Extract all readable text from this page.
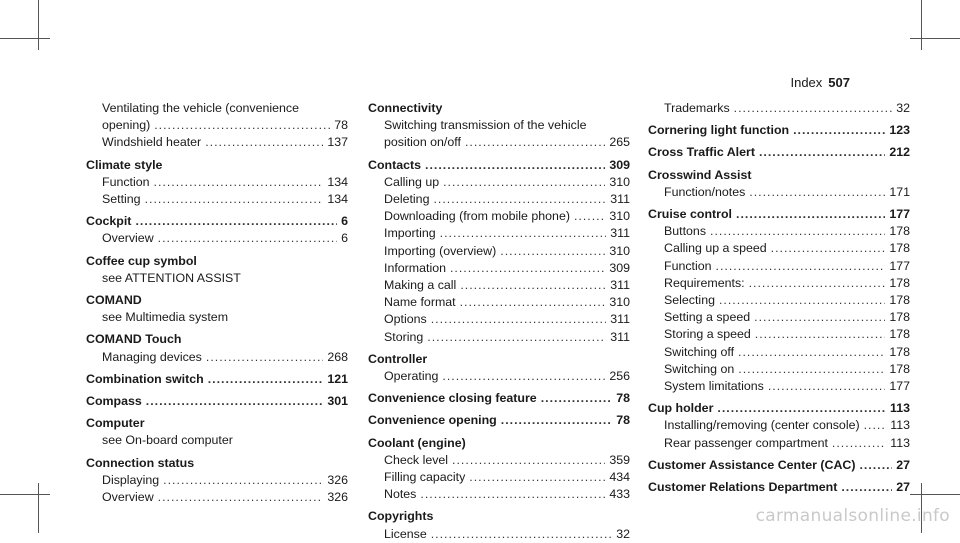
Index 507
Ventilating the vehicle (convenience
opening) .....	78
Windshield heater .....	137
Climate style
Function .....	134
Setting .....	134
Cockpit .....	6
Overview .....	6
Coffee cup symbol
see ATTENTION ASSIST
COMAND
see Multimedia system
COMAND Touch
Managing devices .....	268
Combination switch .....	121
Compass .....	301
Computer
see On-board computer
Connection status
Displaying .....	326
Overview .....	326
Connectivity
Switching transmission of the vehicle
position on/off .....	265
Contacts .....	309
Calling up .....	310
Deleting .....	311
Downloading (from mobile phone) .....	310
Importing .....	311
Importing (overview) .....	310
Information .....	309
Making a call .....	311
Name format .....	310
Options .....	311
Storing .....	311
Controller
Operating .....	256
Convenience closing feature .....	78
Convenience opening .....	78
Coolant (engine)
Check level .....	359
Filling capacity .....	434
Notes .....	433
Copyrights
License .....	32
Trademarks .....	32
Cornering light function .....	123
Cross Traffic Alert .....	212
Crosswind Assist
Function/notes .....	171
Cruise control .....	177
Buttons .....	178
Calling up a speed .....	178
Function .....	177
Requirements: .....	178
Selecting .....	178
Setting a speed .....	178
Storing a speed .....	178
Switching off .....	178
Switching on .....	178
System limitations .....	177
Cup holder .....	113
Installing/removing (center console) ..... 113
Rear passenger compartment .....	113
Customer Assistance Center (CAC) .....	27
Customer Relations Department .....	27
carmanualsonline.info
